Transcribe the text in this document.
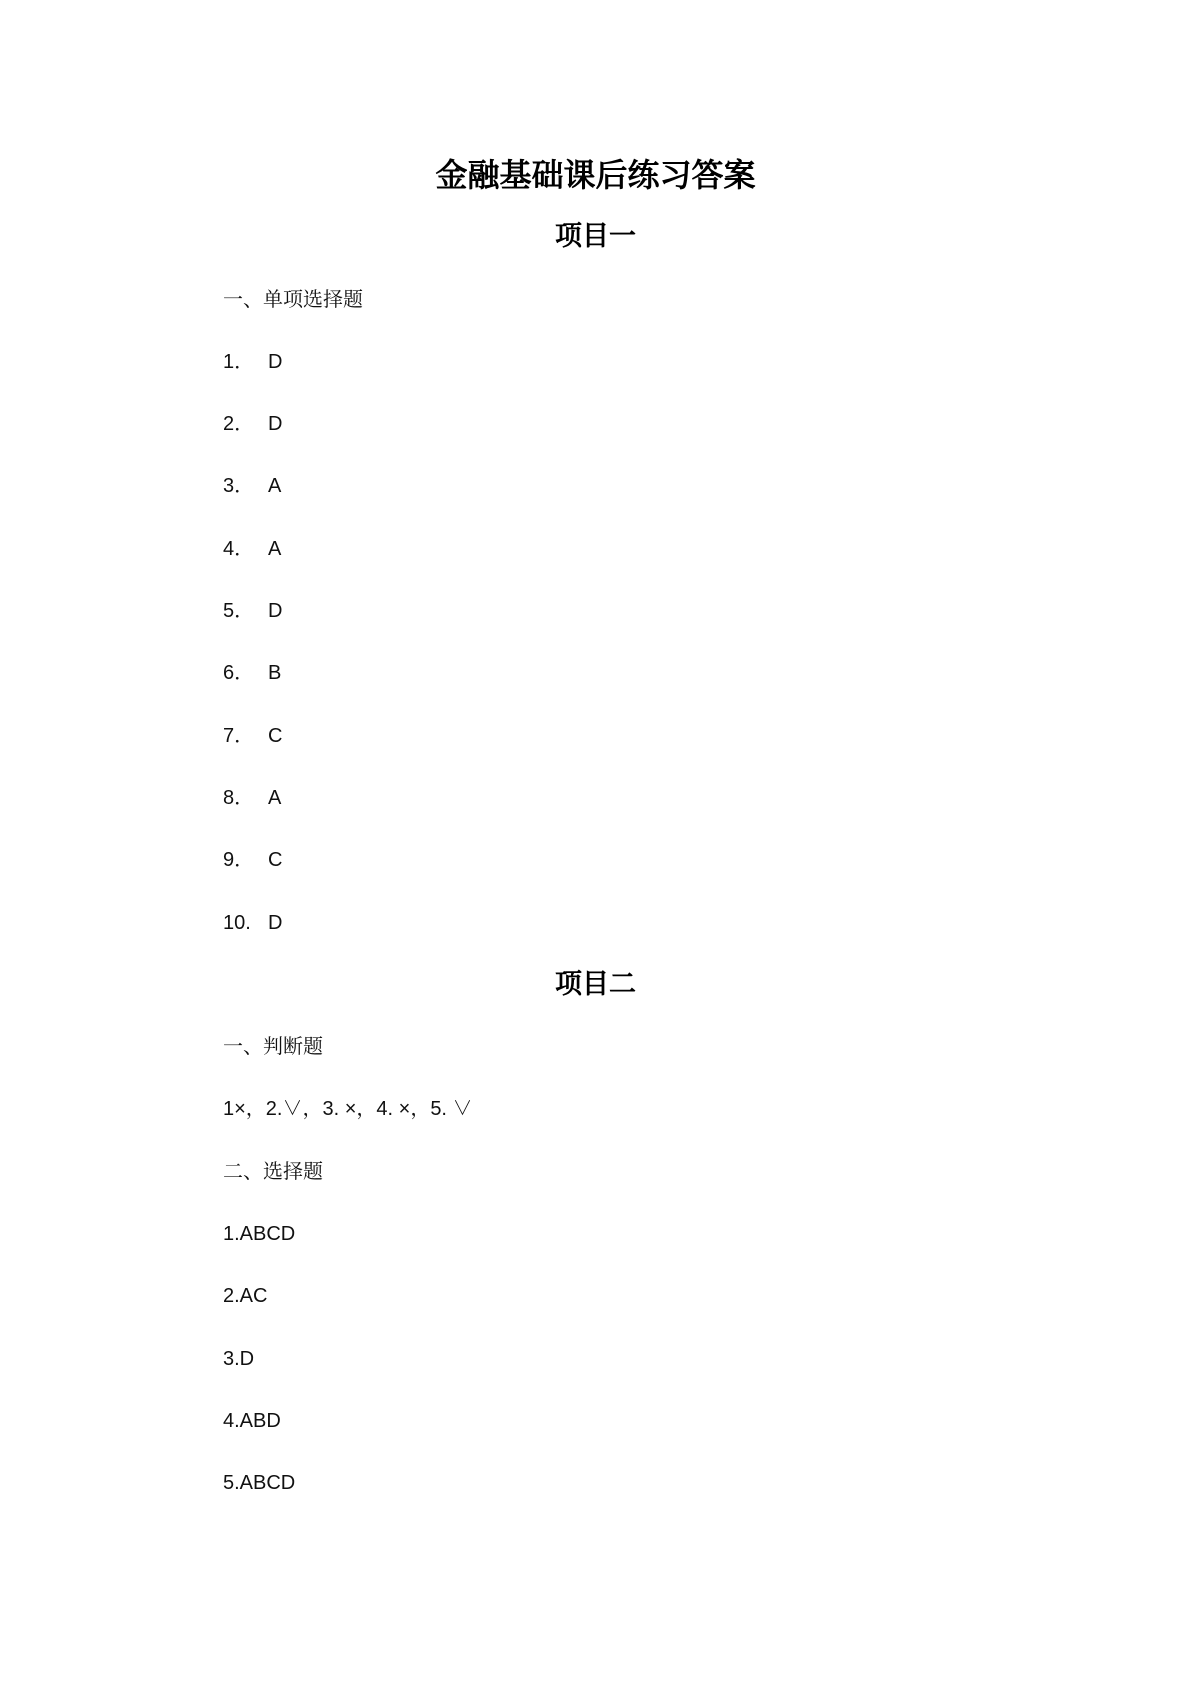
金融基础课后练习答案
项目一
一、单项选择题
1． D
2． D
3． A
4． A
5． D
6． B
7． C
8． A
9． C
10. D
项目二
一、判断题
1×，2.∨，3. ×，4. ×，5. ∨
二、选择题
1.ABCD
2.AC
3.D
4.ABD
5.ABCD
